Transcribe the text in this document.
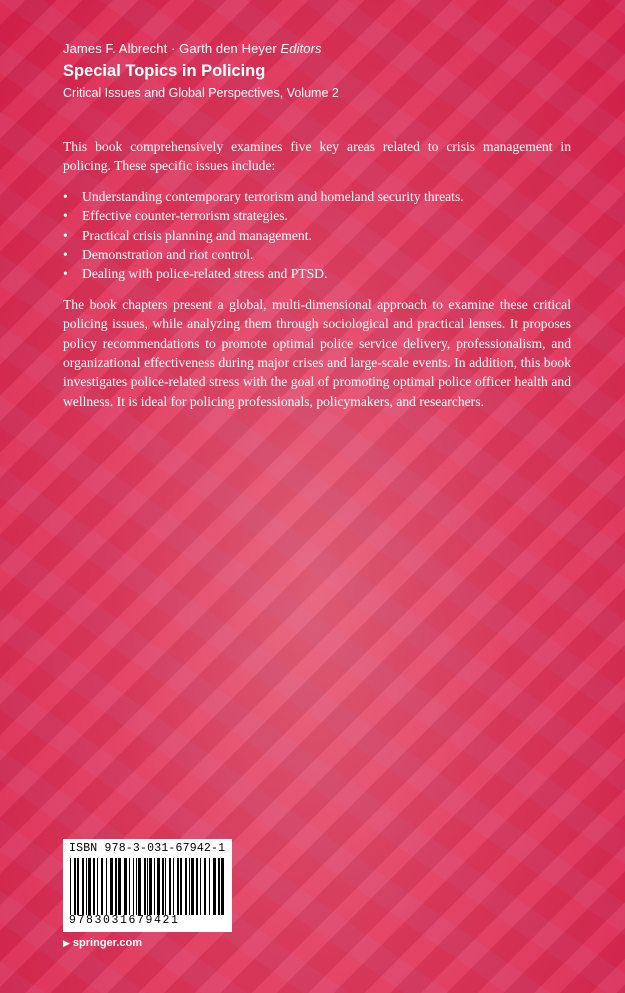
James F. Albrecht · Garth den Heyer Editors
Special Topics in Policing
Critical Issues and Global Perspectives, Volume 2

This book comprehensively examines five key areas related to crisis management in policing. These specific issues include:

• Understanding contemporary terrorism and homeland security threats.
• Effective counter-terrorism strategies.
• Practical crisis planning and management.
• Demonstration and riot control.
• Dealing with police-related stress and PTSD.

The book chapters present a global, multi-dimensional approach to examine these critical policing issues, while analyzing them through sociological and practical lenses. It proposes policy recommendations to promote optimal police service delivery, professionalism, and organizational effectiveness during major crises and large-scale events. In addition, this book investigates police-related stress with the goal of promoting optimal police officer health and wellness. It is ideal for policing professionals, policymakers, and researchers.

ISBN 978-3-031-67942-1
9783031679421
▶ springer.com
